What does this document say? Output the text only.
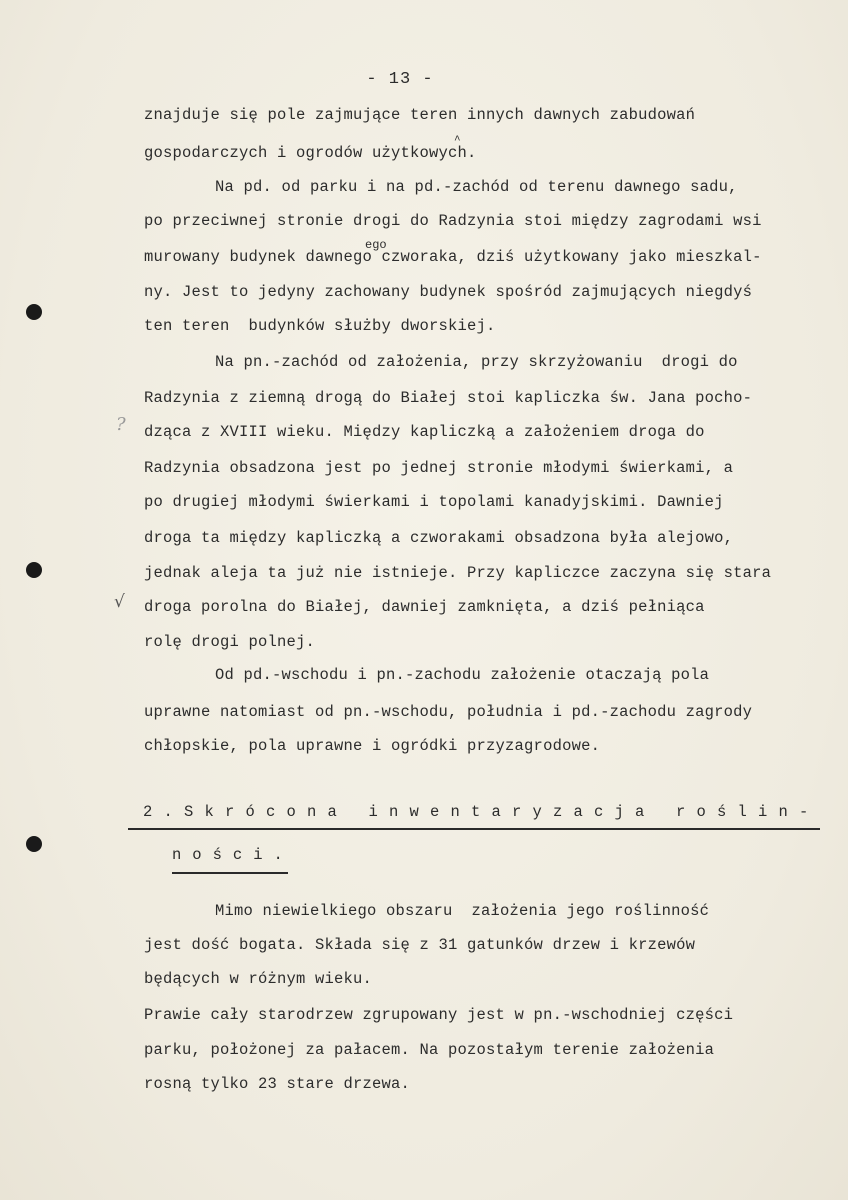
- 13 -
znajduje się pole zajmujące teren innych dawnych zabudowań
gospodarczych i ogrodów użytkowych.
^
Na pd. od parku i na pd.-zachód od terenu dawnego sadu,
po przeciwnej stronie drogi do Radzynia stoi między zagrodami wsi
ego
murowany budynek dawnego czworaka, dziś użytkowany jako mieszkal-
ny. Jest to jedyny zachowany budynek spośród zajmujących niegdyś
ten teren  budynków służby dworskiej.
Na pn.-zachód od założenia, przy skrzyżowaniu  drogi do
Radzynia z ziemną drogą do Białej stoi kapliczka św. Jana pocho-
? dząca z XVIII wieku. Między kapliczką a założeniem droga do
Radzynia obsadzona jest po jednej stronie młodymi świerkami, a
po drugiej młodymi świerkami i topolami kanadyjskimi. Dawniej
droga ta między kapliczką a czworakami obsadzona była alejowo,
jednak aleja ta już nie istnieje. Przy kapliczce zaczyna się stara
√ droga porolna do Białej, dawniej zamknięta, a dziś pełniąca
rolę drogi polnej.
Od pd.-wschodu i pn.-zachodu założenie otaczają pola
uprawne natomiast od pn.-wschodu, południa i pd.-zachodu zagrody
chłopskie, pola uprawne i ogródki przyzagrodowe.
2.Skrócona inwentaryzacja roślin-
ności.
Mimo niewielkiego obszaru  założenia jego roślinność
jest dość bogata. Składa się z 31 gatunków drzew i krzewów
będących w różnym wieku.
Prawie cały starodrzew zgrupowany jest w pn.-wschodniej części
parku, położonej za pałacem. Na pozostałym terenie założenia
rosną tylko 23 stare drzewa.
